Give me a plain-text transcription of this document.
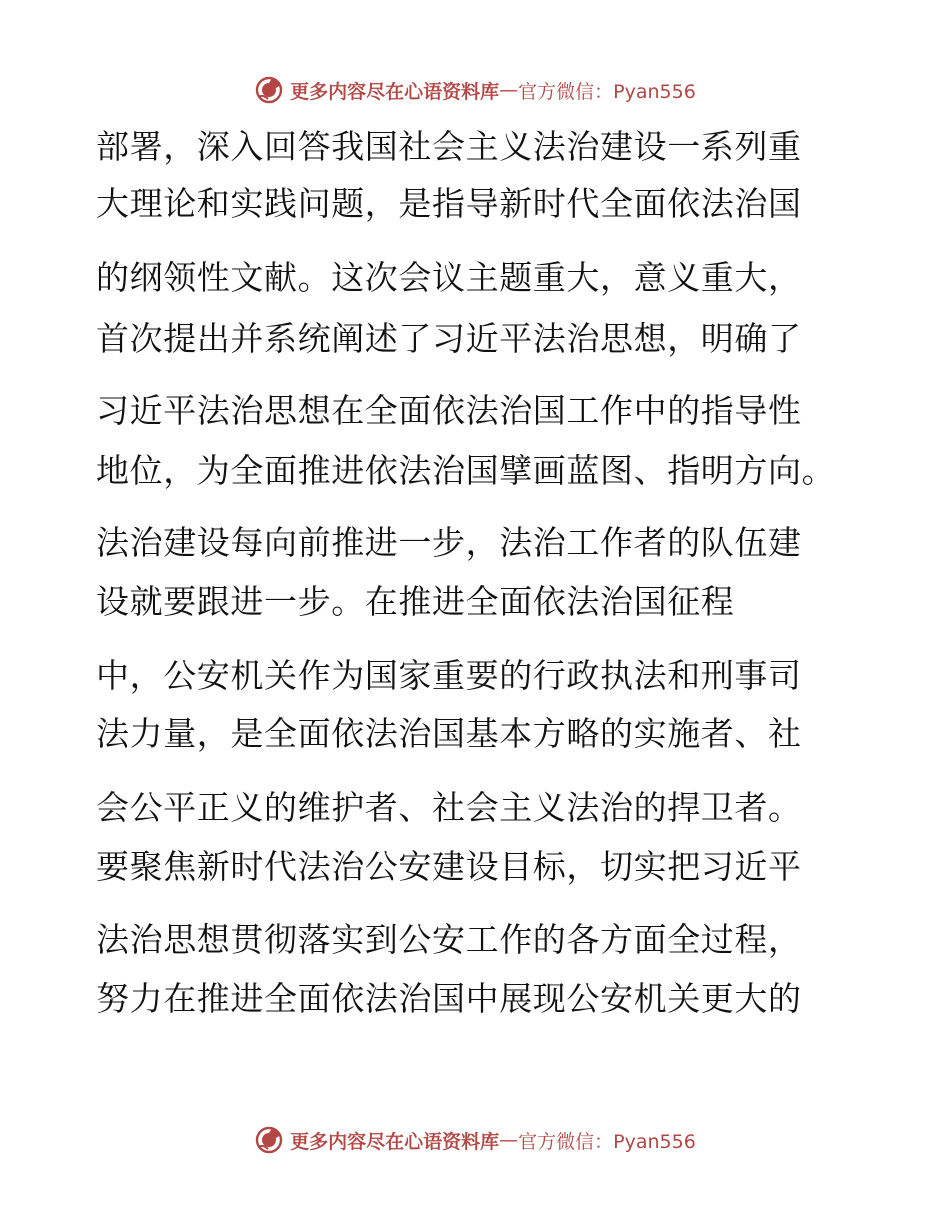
更多内容尽在心语资料库 — 官方微信：Pyan556
部署，深入回答我国社会主义法治建设一系列重
大理论和实践问题，是指导新时代全面依法治国
的纲领性文献。这次会议主题重大，意义重大，
首次提出并系统阐述了习近平法治思想，明确了
习近平法治思想在全面依法治国工作中的指导性
地位，为全面推进依法治国擘画蓝图、指明方向。
法治建设每向前推进一步，法治工作者的队伍建
设就要跟进一步。在推进全面依法治国征程
中，公安机关作为国家重要的行政执法和刑事司
法力量，是全面依法治国基本方略的实施者、社
会公平正义的维护者、社会主义法治的捍卫者。
要聚焦新时代法治公安建设目标，切实把习近平
法治思想贯彻落实到公安工作的各方面全过程，
努力在推进全面依法治国中展现公安机关更大的
更多内容尽在心语资料库 — 官方微信：Pyan556
